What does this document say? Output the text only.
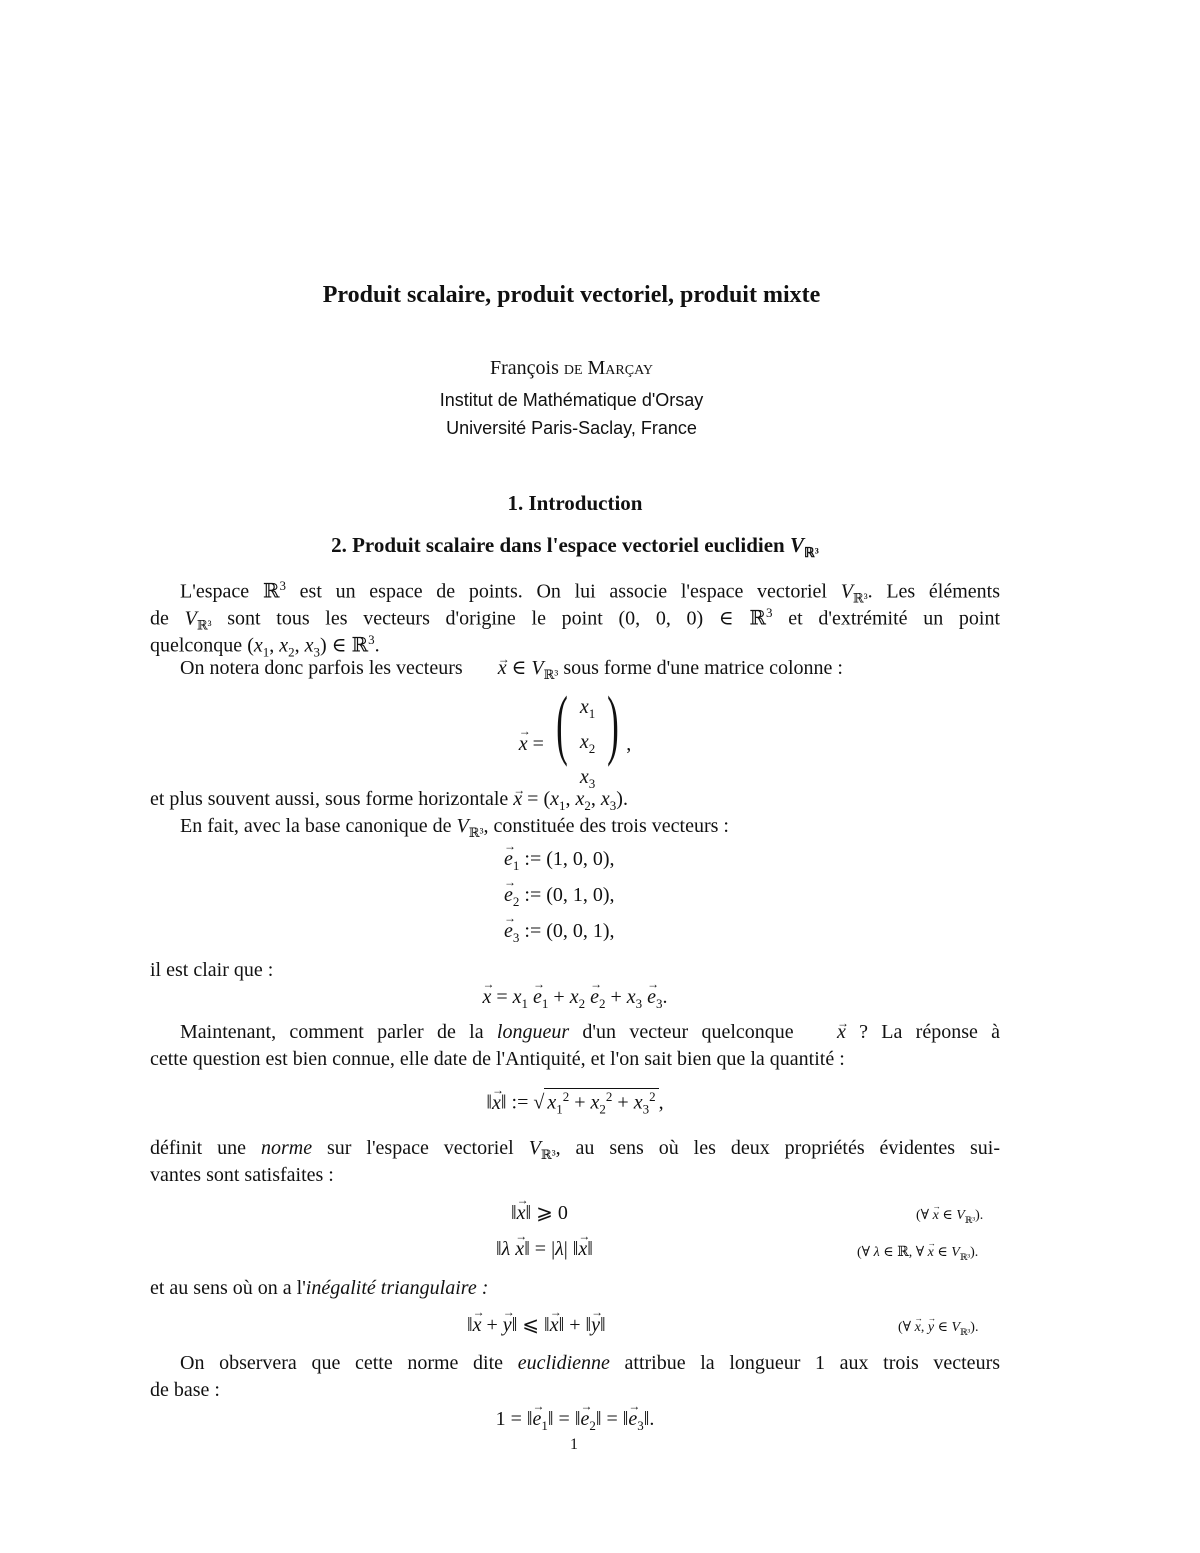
Produit scalaire, produit vectoriel, produit mixte
François de Marçay
Institut de Mathématique d'Orsay
Université Paris-Saclay, France
1. Introduction
2. Produit scalaire dans l'espace vectoriel euclidien $V_{ℝ^3}$
L'espace ℝ$^3$ est un espace de points. On lui associe l'espace vectoriel $V_{ℝ^3}$. Les éléments
de $V_{ℝ^3}$ sont tous les vecteurs d'origine le point (0, 0, 0) ∈ ℝ$^3$ et d'extrémité un point
quelconque ($x_1$, $x_2$, $x_3$) ∈ ℝ$^3$.
On notera donc parfois les vecteurs → x ∈ $V_{ℝ^3}$ sous forme d'une matrice colonne :
→ x = ( $x_1$
$x_2$
$x_3$ ) ,
et plus souvent aussi, sous forme horizontale → $x = (x_1$, $x_2$, $x_3$).
En fait, avec la base canonique de $V_{ℝ^3}$, constituée des trois vecteurs :
→ $e_1$ := (1, 0, 0),
→ $e_2$ := (0, 1, 0),
→ $e_3$ := (0, 0, 1),
il est clair que :
→ $x = x_1 \to e_1 + x_2 \to e_2 + x_3 \to e_3$.
Maintenant, comment parler de la longueur d'un vecteur quelconque → x ? La réponse à
cette question est bien connue, elle date de l'Antiquité, et l'on sait bien que la quantité :
‖→ x‖ := √ $x_1^2 + x_2^2 + x_3^2$ ,
définit une norme sur l'espace vectoriel $V_{ℝ^3}$, au sens où les deux propriétés évidentes sui-
vantes sont satisfaites :
‖→ x‖ ⩾ 0	(∀ → x ∈ $V_{ℝ^3}$).
‖λ → x‖ = |λ| ‖→ x‖	(∀ λ ∈ ℝ, ∀ → x ∈ $V_{ℝ^3}$).
et au sens où on a l'inégalité triangulaire :
‖→ x + → y‖ ⩽ ‖→ x‖ + ‖→ y‖	(∀ → x, → y ∈ $V_{ℝ^3}$).
On observera que cette norme dite euclidienne attribue la longueur 1 aux trois vecteurs
de base :
1 = ‖→ $e_1‖$ = ‖→ $e_2‖$ = ‖→ $e_3‖$.
1
